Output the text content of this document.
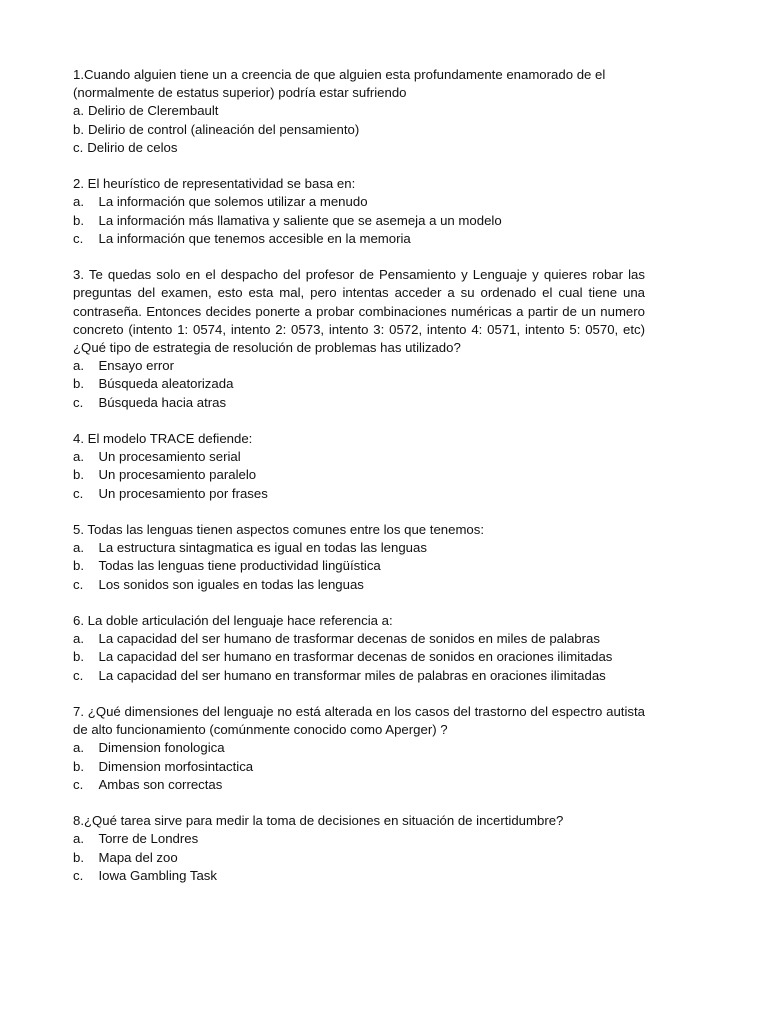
1.Cuando alguien tiene un a creencia de que alguien esta profundamente enamorado de el (normalmente de estatus superior) podría estar sufriendo

a. Delirio de Clerembault
b. Delirio de control (alineación del pensamiento)
c. Delirio de celos

2. El heurístico de representatividad se basa en:

a.	La información que solemos utilizar a menudo
b.	La información más llamativa y saliente que se asemeja a un modelo
c.	La información que tenemos accesible en la memoria

3. Te quedas solo en el despacho del profesor de Pensamiento y Lenguaje y quieres robar las preguntas del examen, esto esta mal, pero intentas acceder a su ordenado el cual tiene una contraseña. Entonces decides ponerte a probar combinaciones numéricas a partir de un numero concreto (intento 1: 0574, intento 2: 0573, intento 3: 0572, intento 4: 0571, intento 5: 0570, etc) ¿Qué tipo de estrategia de resolución de problemas has utilizado?

a.	Ensayo error
b.	Búsqueda aleatorizada
c.	Búsqueda hacia atras

4. El modelo TRACE defiende:

a.	Un procesamiento serial
b.	Un procesamiento paralelo
c.	Un procesamiento por frases

5. Todas las lenguas tienen aspectos comunes entre los que tenemos:

a.	La estructura sintagmatica es igual en todas las lenguas
b.	Todas las lenguas tiene productividad lingüística
c.	Los sonidos son iguales en todas las lenguas

6. La doble articulación del lenguaje hace referencia a:

a.	La capacidad del ser humano de trasformar decenas de sonidos en miles de palabras
b.	La capacidad del ser humano en trasformar decenas de sonidos en oraciones ilimitadas
c.	La capacidad del ser humano en transformar miles de palabras en oraciones ilimitadas

7. ¿Qué dimensiones del lenguaje no está alterada en los casos del trastorno del espectro autista de alto funcionamiento (comúnmente conocido como Aperger) ?

a.	Dimension fonologica
b.	Dimension morfosintactica
c.	Ambas son correctas

8.¿Qué tarea sirve para medir la toma de decisiones en situación de incertidumbre?

a.	Torre de Londres
b.	Mapa del zoo
c.	Iowa Gambling Task
